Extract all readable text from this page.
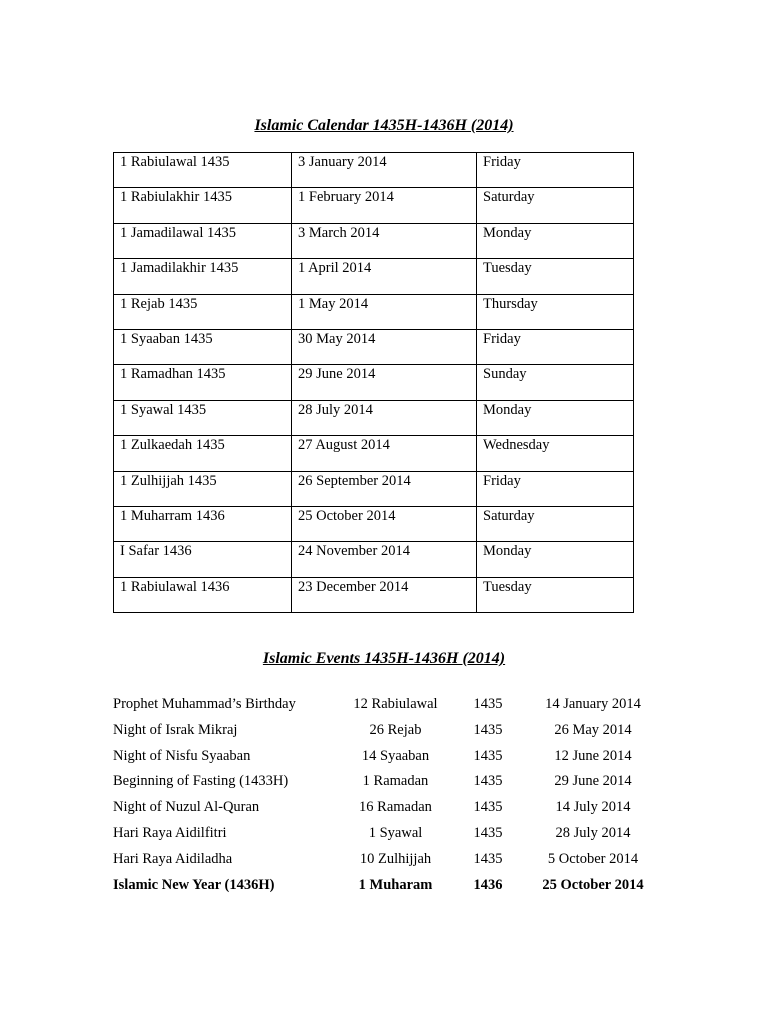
Islamic Calendar 1435H-1436H (2014)
1 Rabiulawal 1435	3 January 2014	Friday
1 Rabiulakhir 1435	1 February 2014	Saturday
1 Jamadilawal 1435	3 March 2014	Monday
1 Jamadilakhir 1435	1 April 2014	Tuesday
1 Rejab 1435	1 May 2014	Thursday
1 Syaaban 1435	30 May 2014	Friday
1 Ramadhan 1435	29 June 2014	Sunday
1 Syawal 1435	28 July 2014	Monday
1 Zulkaedah 1435	27 August 2014	Wednesday
1 Zulhijjah 1435	26 September 2014	Friday
1 Muharram 1436	25 October 2014	Saturday
I Safar 1436	24 November 2014	Monday
1 Rabiulawal 1436	23 December 2014	Tuesday
Islamic Events 1435H-1436H (2014)
Prophet Muhammad’s Birthday	12 Rabiulawal	1435	14 January 2014
Night of Israk Mikraj	26 Rejab	1435	26 May 2014
Night of Nisfu Syaaban	14 Syaaban	1435	12 June 2014
Beginning of Fasting (1433H)	1 Ramadan	1435	29 June 2014
Night of Nuzul Al-Quran	16 Ramadan	1435	14 July 2014
Hari Raya Aidilfitri	1 Syawal	1435	28 July 2014
Hari Raya Aidiladha	10 Zulhijjah	1435	5 October 2014
Islamic New Year (1436H)	1 Muharam	1436	25 October 2014
